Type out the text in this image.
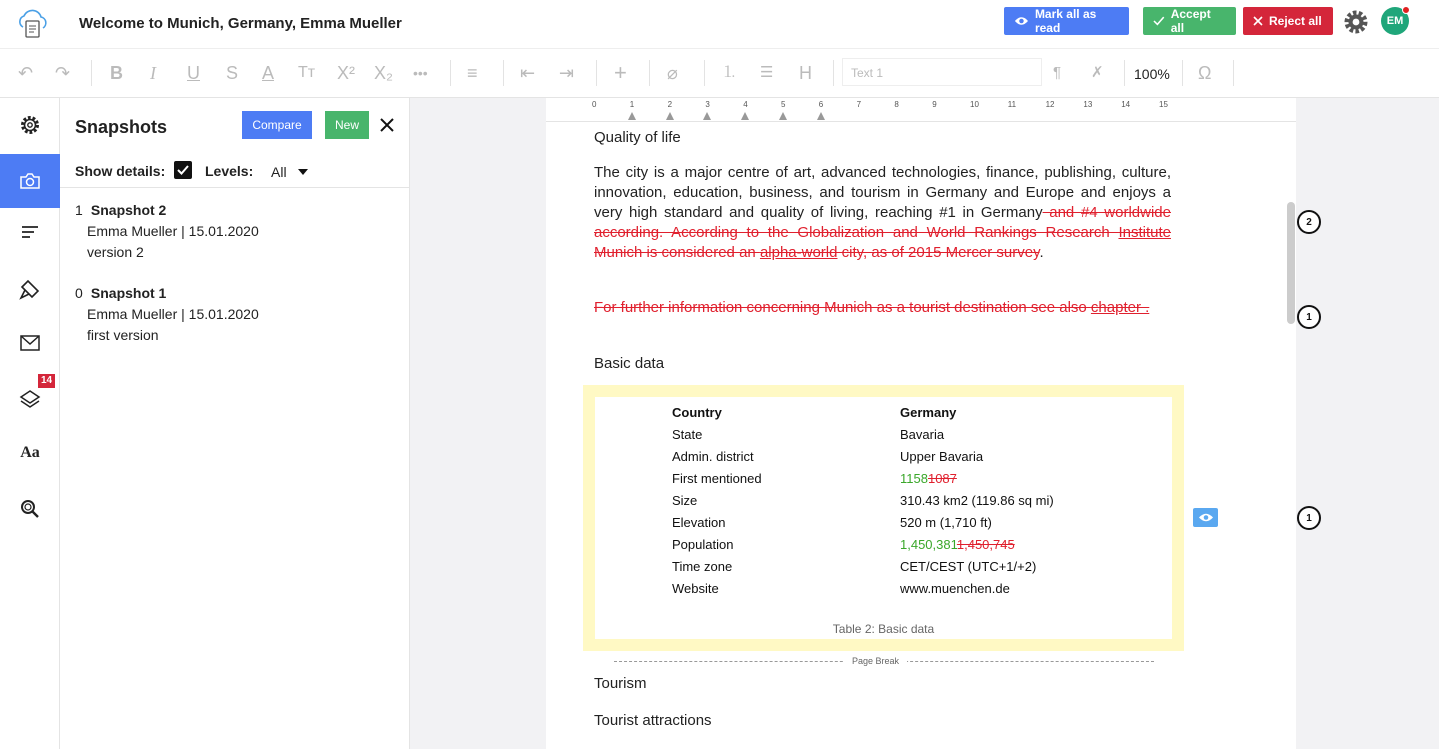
Welcome to Munich, Germany, Emma Mueller
Mark all as read
Accept all	Reject all	EM
↶ ↷ B I U S A Tт X² X₂ ••• ≡ ⇤ ⇥ + ⌀	⒈ ☰ H	Text 1	¶ ✗ 100% Ω
14
Aa
Snapshots	Compare	New
Show details:	Levels: All
1 Snapshot 2
Emma Mueller | 15.01.2020
version 2
0 Snapshot 1
Emma Mueller | 15.01.2020
first version
0	1	2	3	4	5	6	7	8	9	10	11	12	13	14	15
Quality of life
The city is a major centre of art, advanced technologies, finance, publishing, culture, innovation, education, business, and tourism in Germany and Europe and enjoys a very high standard and quality of living, reaching #1 in Germany and #4 worldwide according. According to the Globalization and World Rankings Research Institute Munich is considered an alpha-world city, as of 2015 Mercer survey.
For further information concerning Munich as a tourist destination see also chapter .
Basic data
Table 2: Basic data
Country	Germany
State	Bavaria
Admin. district	Upper Bavaria
First mentioned	11581087
Size	310.43 km2 (119.86 sq mi)
Elevation	520 m (1,710 ft)
Population	1,450,3811,450,745
Time zone	CET/CEST (UTC+1/+2)
Website	www.muenchen.de
Page Break
Tourism
Tourist attractions
2
1
1
